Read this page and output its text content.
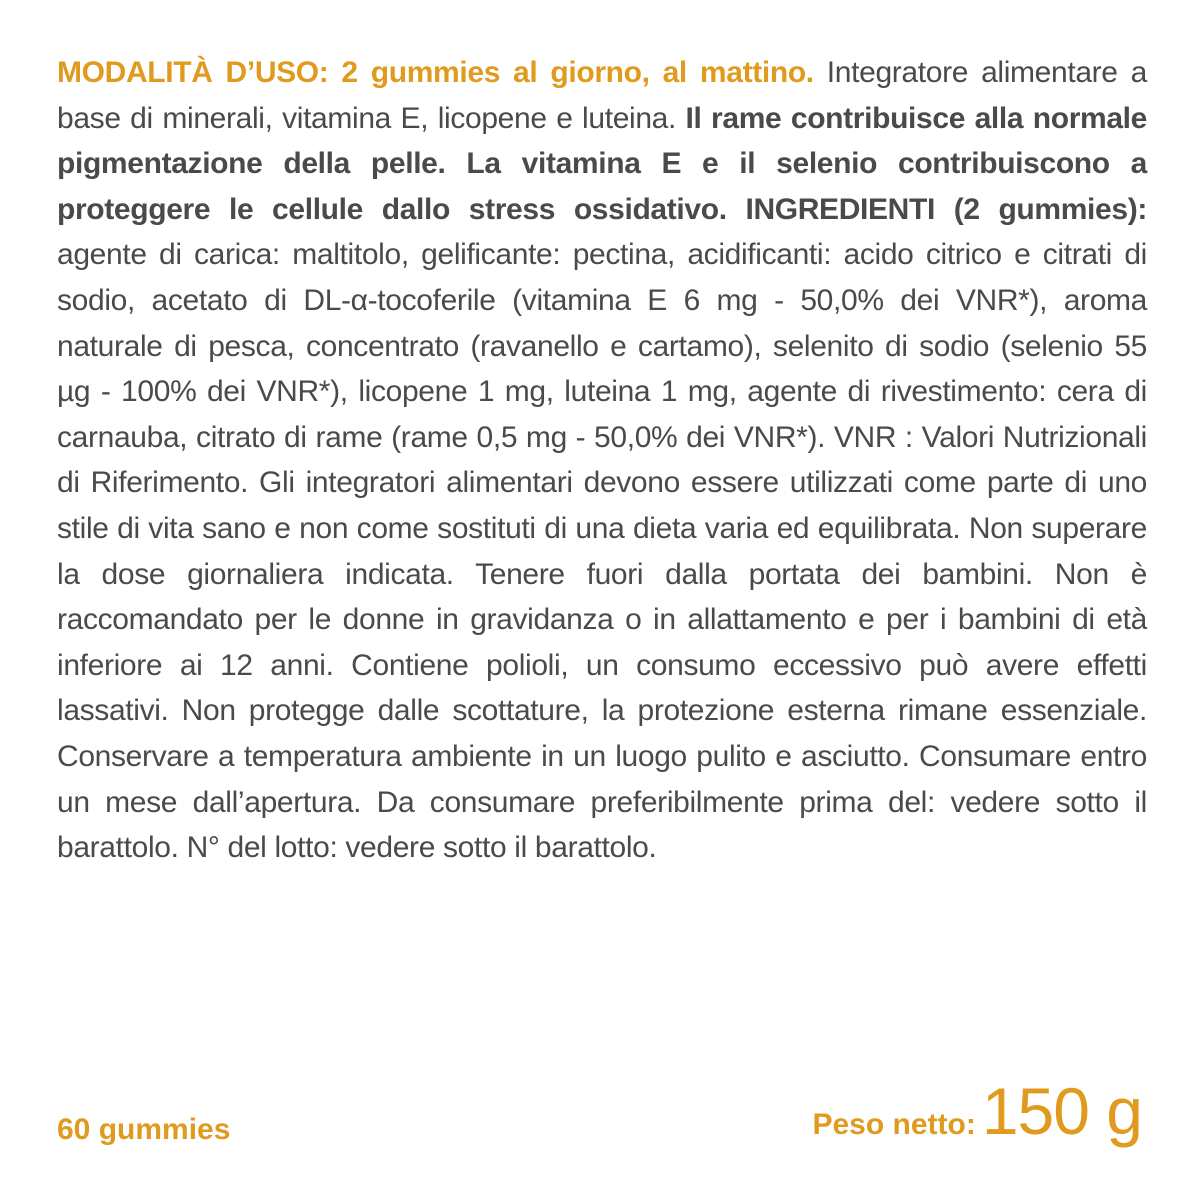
MODALITÀ D’USO: 2 gummies al giorno, al mattino. Integratore alimentare a base di minerali, vitamina E, licopene e luteina. Il rame contribuisce alla normale pigmentazione della pelle. La vitamina E e il selenio contribuiscono a proteggere le cellule dallo stress ossidativo. INGREDIENTI (2 gummies): agente di carica: maltitolo, gelificante: pectina, acidificanti: acido citrico e citrati di sodio, acetato di DL-α-tocoferile (vitamina E 6 mg - 50,0% dei VNR*), aroma naturale di pesca, concentrato (ravanello e cartamo), selenito di sodio (selenio 55 µg - 100% dei VNR*), licopene 1 mg, luteina 1 mg, agente di rivestimento: cera di carnauba, citrato di rame (rame 0,5 mg - 50,0% dei VNR*). VNR : Valori Nutrizionali di Riferimento. Gli integratori alimentari devono essere utilizzati come parte di uno stile di vita sano e non come sostituti di una dieta varia ed equilibrata. Non superare la dose giornaliera indicata. Tenere fuori dalla portata dei bambini. Non è raccomandato per le donne in gravidanza o in allattamento e per i bambini di età inferiore ai 12 anni. Contiene polioli, un consumo eccessivo può avere effetti lassativi. Non protegge dalle scottature, la protezione esterna rimane essenziale. Conservare a temperatura ambiente in un luogo pulito e asciutto. Consumare entro un mese dall’apertura. Da consumare preferibilmente prima del: vedere sotto il barattolo. N° del lotto: vedere sotto il barattolo.

60 gummies	Peso netto:150 g
